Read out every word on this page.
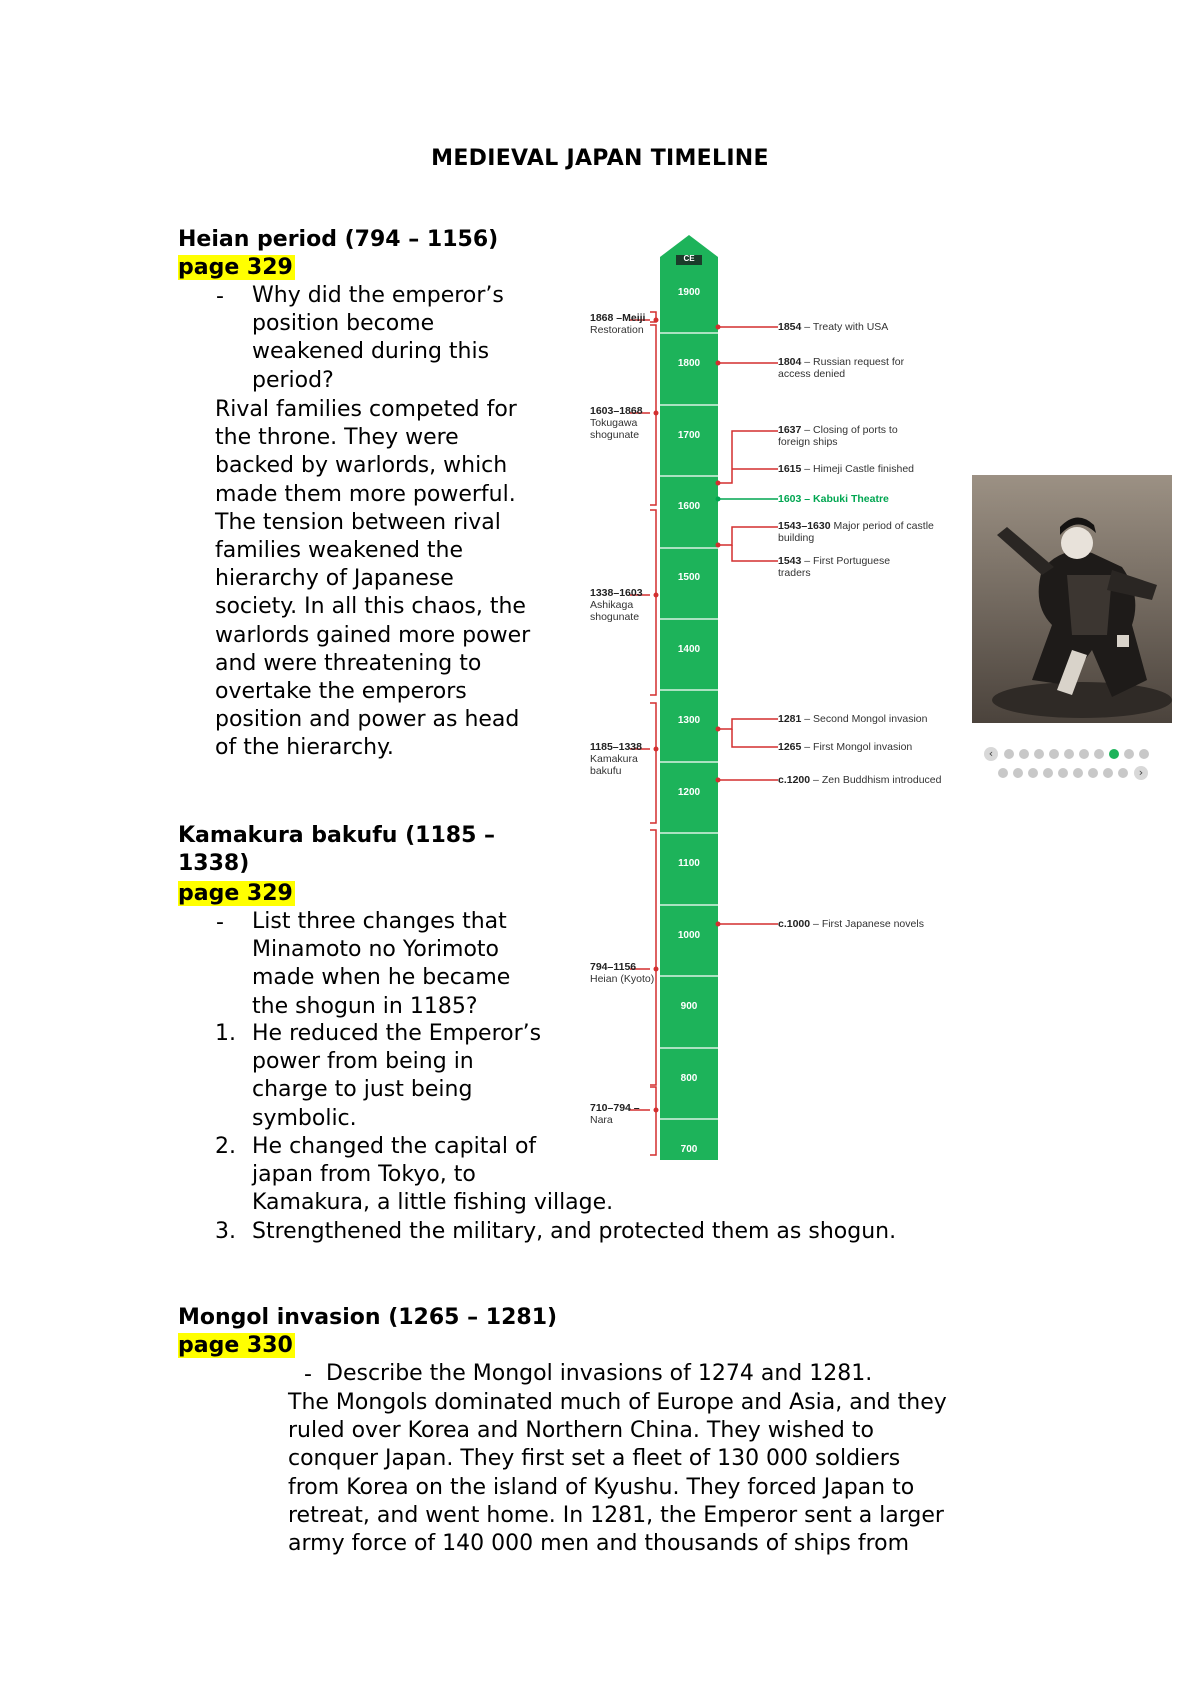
MEDIEVAL JAPAN TIMELINE
Heian period (794 – 1156)
page 329
- Why did the emperor’s
position become
weakened during this
period?
Rival families competed for
the throne. They were
backed by warlords, which
made them more powerful.
The tension between rival
families weakened the
hierarchy of Japanese
society. In all this chaos, the
warlords gained more power
and were threatening to
overtake the emperors
position and power as head
of the hierarchy.
Kamakura bakufu (1185 –
1338)
page 329
- List three changes that
Minamoto no Yorimoto
made when he became
the shogun in 1185?
1. He reduced the Emperor’s
power from being in
charge to just being
symbolic.
2. He changed the capital of
japan from Tokyo, to
Kamakura, a little fishing village.
3. Strengthened the military, and protected them as shogun.
Mongol invasion (1265 – 1281)
page 330
- Describe the Mongol invasions of 1274 and 1281.
The Mongols dominated much of Europe and Asia, and they
ruled over Korea and Northern China. They wished to
conquer Japan. They first set a fleet of 130 000 soldiers
from Korea on the island of Kyushu. They forced Japan to
retreat, and went home. In 1281, the Emperor sent a larger
army force of 140 000 men and thousands of ships from
CE
1900
1800
1700
1600
1500
1400
1300
1200
1100
1000
900
800
700
1868 –Meiji
Restoration
1603–1868
Tokugawa shogunate
1338–1603
Ashikaga shogunate
1185–1338
Kamakura bakufu
794–1156
Heian (Kyoto)
710–794 –
Nara
1854 – Treaty with USA
1804 – Russian request for access denied
1637 – Closing of ports to foreign ships
1615 – Himeji Castle finished
1603 – Kabuki Theatre
1543–1630 Major period of castle building
1543 – First Portuguese traders
1281 – Second Mongol invasion
1265 – First Mongol invasion
c.1200 – Zen Buddhism introduced
c.1000 – First Japanese novels
‹
›
